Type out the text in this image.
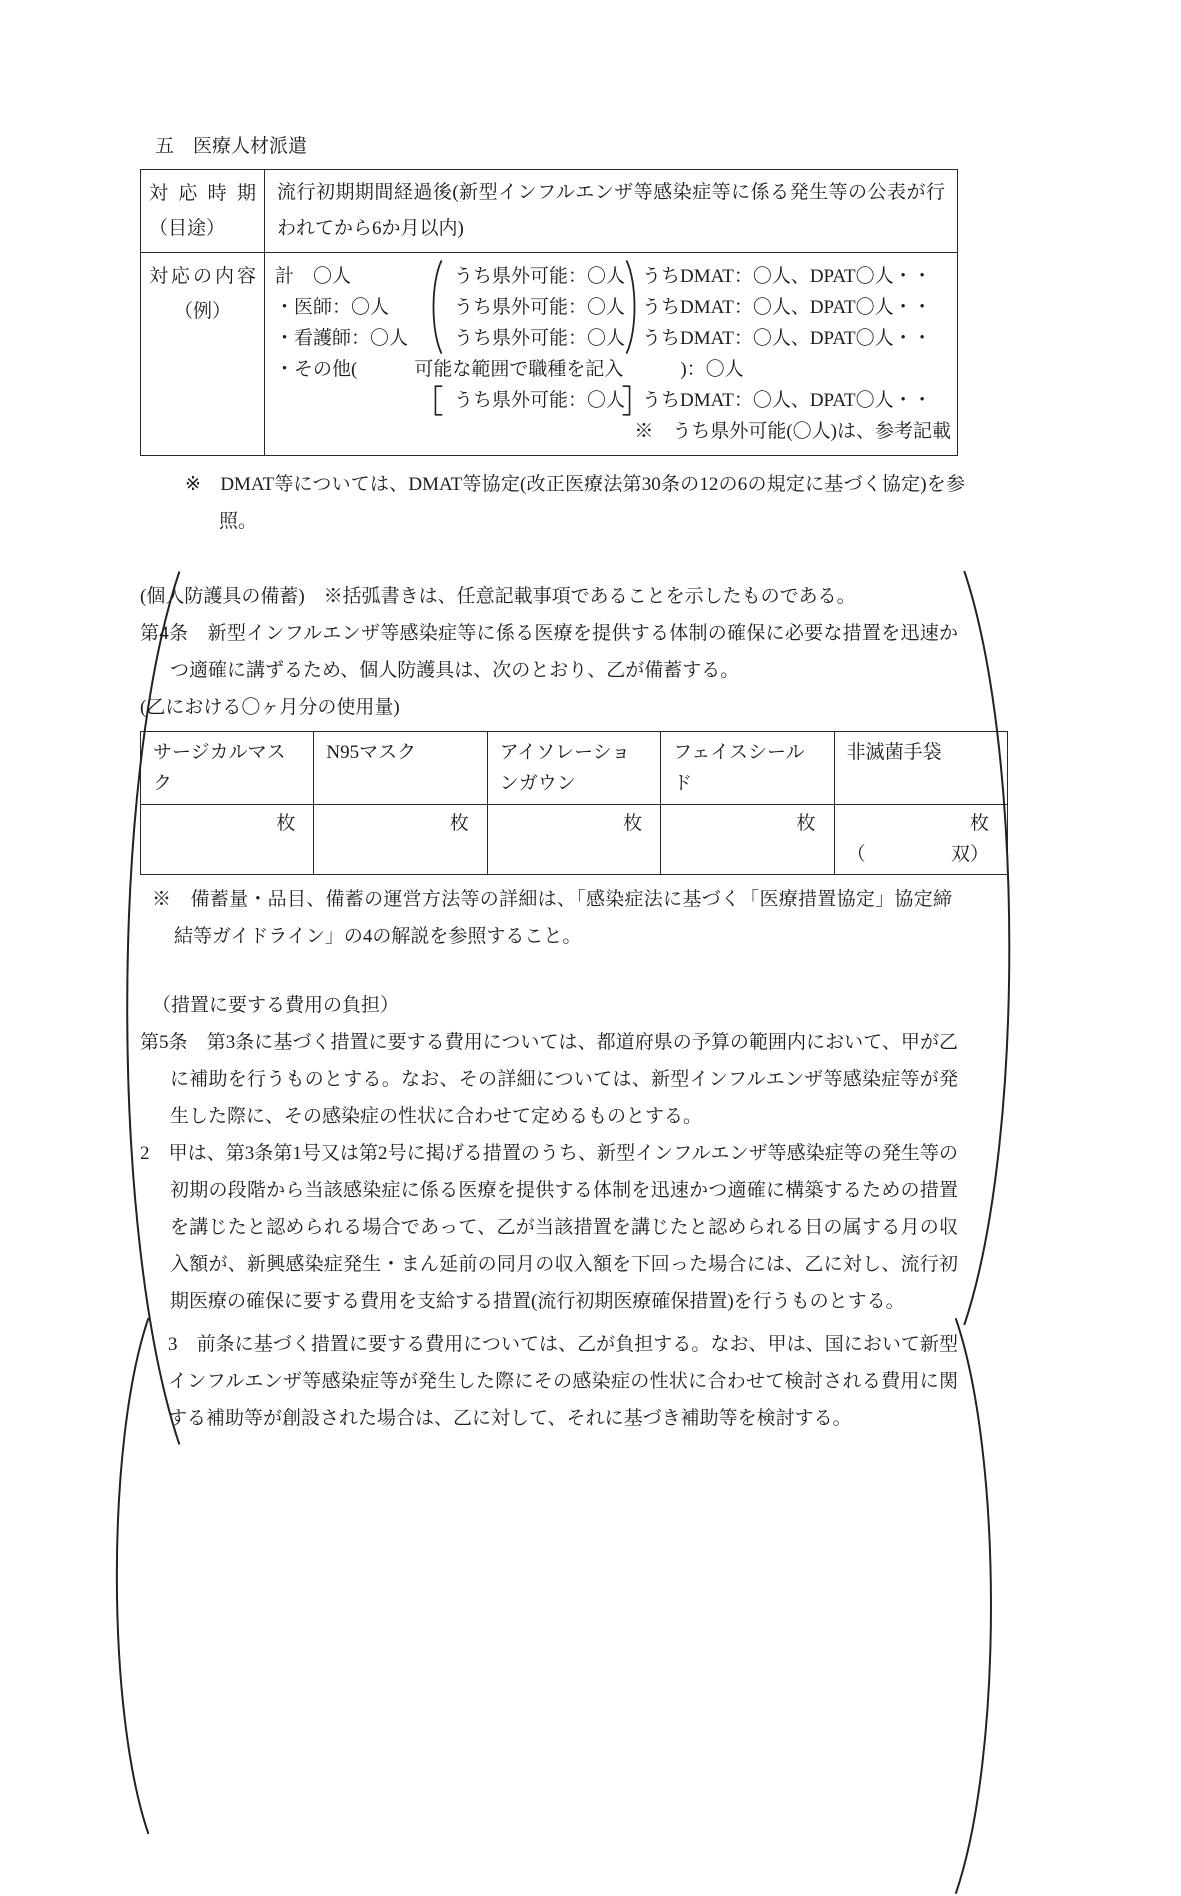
五　医療人材派遣
対応時期
（目途）	流行初期期間経過後(新型インフルエンザ等感染症等に係る発生等の公表が行われてから6か月以内)

対応の内容
（例）

計　〇人	うち県外可能：〇人 うちDMAT：〇人、DPAT〇人・・
・医師：〇人	うち県外可能：〇人 うちDMAT：〇人、DPAT〇人・・
・看護師：〇人	うち県外可能：〇人 うちDMAT：〇人、DPAT〇人・・
・その他(　　　可能な範囲で職種を記入　　　)：〇人
うち県外可能：〇人 うちDMAT：〇人、DPAT〇人・・
※　うち県外可能(〇人)は、参考記載
※　DMAT等については、DMAT等協定(改正医療法第30条の12の6の規定に基づく協定)を参照。
(個人防護具の備蓄)　※括弧書きは、任意記載事項であることを示したものである。
第4条　新型インフルエンザ等感染症等に係る医療を提供する体制の確保に必要な措置を迅速かつ適確に講ずるため、個人防護具は、次のとおり、乙が備蓄する。
(乙における〇ヶ月分の使用量)
サージカルマスク	N95マスク	アイソレーションガウン	フェイスシールド	非滅菌手袋

枚	枚	枚	枚	枚
（ 双）
※　備蓄量・品目、備蓄の運営方法等の詳細は、「感染症法に基づく「医療措置協定」協定締結等ガイドライン」の4の解説を参照すること。
（措置に要する費用の負担）
第5条　第3条に基づく措置に要する費用については、都道府県の予算の範囲内において、甲が乙に補助を行うものとする。なお、その詳細については、新型インフルエンザ等感染症等が発生した際に、その感染症の性状に合わせて定めるものとする。
2　甲は、第3条第1号又は第2号に掲げる措置のうち、新型インフルエンザ等感染症等の発生等の初期の段階から当該感染症に係る医療を提供する体制を迅速かつ適確に構築するための措置を講じたと認められる場合であって、乙が当該措置を講じたと認められる日の属する月の収入額が、新興感染症発生・まん延前の同月の収入額を下回った場合には、乙に対し、流行初期医療の確保に要する費用を支給する措置(流行初期医療確保措置)を行うものとする。
3　前条に基づく措置に要する費用については、乙が負担する。なお、甲は、国において新型インフルエンザ等感染症等が発生した際にその感染症の性状に合わせて検討される費用に関する補助等が創設された場合は、乙に対して、それに基づき補助等を検討する。
